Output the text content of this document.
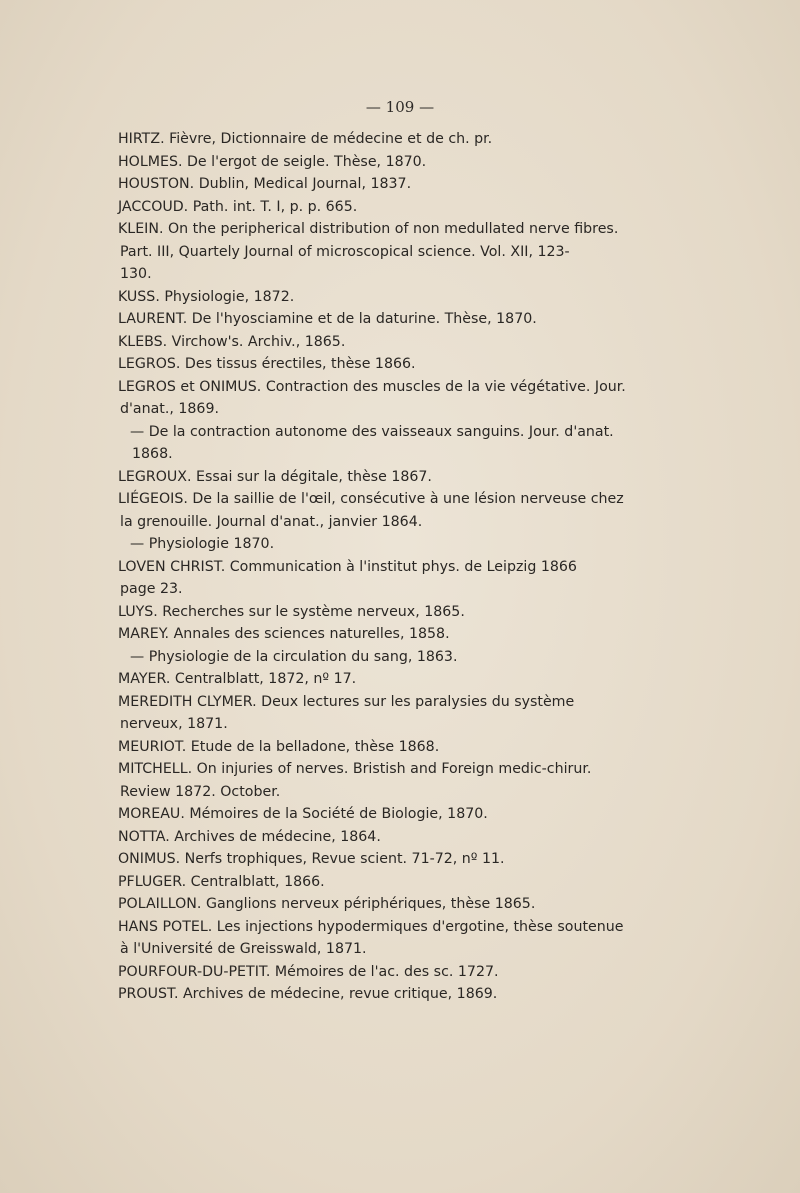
— 109 —
HIRTZ. Fièvre, Dictionnaire de médecine et de ch. pr.
HOLMES. De l'ergot de seigle. Thèse, 1870.
HOUSTON. Dublin, Medical Journal, 1837.
JACCOUD. Path. int. T. I, p. p. 665.
KLEIN. On the peripherical distribution of non medullated nerve fibres.
Part. III, Quartely Journal of microscopical science. Vol. XII, 123-
130.
KUSS. Physiologie, 1872.
LAURENT. De l'hyosciamine et de la daturine. Thèse, 1870.
KLEBS. Virchow's. Archiv., 1865.
LEGROS. Des tissus érectiles, thèse 1866.
LEGROS et ONIMUS. Contraction des muscles de la vie végétative. Jour.
d'anat., 1869.
— De la contraction autonome des vaisseaux sanguins. Jour. d'anat.
1868.
LEGROUX. Essai sur la dégitale, thèse 1867.
LIÉGEOIS. De la saillie de l'œil, consécutive à une lésion nerveuse chez
la grenouille. Journal d'anat., janvier 1864.
— Physiologie 1870.
LOVEN CHRIST. Communication à l'institut phys. de Leipzig 1866
page 23.
LUYS. Recherches sur le système nerveux, 1865.
MAREY. Annales des sciences naturelles, 1858.
— Physiologie de la circulation du sang, 1863.
MAYER. Centralblatt, 1872, nº 17.
MEREDITH CLYMER. Deux lectures sur les paralysies du système
nerveux, 1871.
MEURIOT. Etude de la belladone, thèse 1868.
MITCHELL. On injuries of nerves. Bristish and Foreign medic-chirur.
Review 1872. October.
MOREAU. Mémoires de la Société de Biologie, 1870.
NOTTA. Archives de médecine, 1864.
ONIMUS. Nerfs trophiques, Revue scient. 71-72, nº 11.
PFLUGER. Centralblatt, 1866.
POLAILLON. Ganglions nerveux périphériques, thèse 1865.
HANS POTEL. Les injections hypodermiques d'ergotine, thèse soutenue
à l'Université de Greisswald, 1871.
POURFOUR-DU-PETIT. Mémoires de l'ac. des sc. 1727.
PROUST. Archives de médecine, revue critique, 1869.
